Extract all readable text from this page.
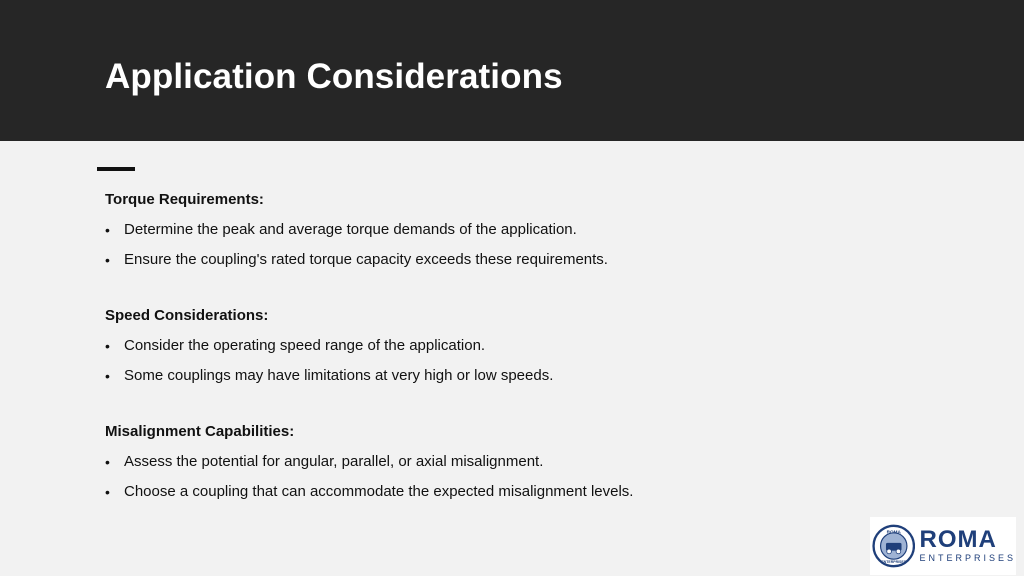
Application Considerations
Torque Requirements:
• Determine the peak and average torque demands of the application.
• Ensure the coupling's rated torque capacity exceeds these requirements.
Speed Considerations:
• Consider the operating speed range of the application.
• Some couplings may have limitations at very high or low speeds.
Misalignment Capabilities:
• Assess the potential for angular, parallel, or axial misalignment.
• Choose a coupling that can accommodate the expected misalignment levels.
ROMA
ENTERPRISES
ROMA
ENTERPRISES
